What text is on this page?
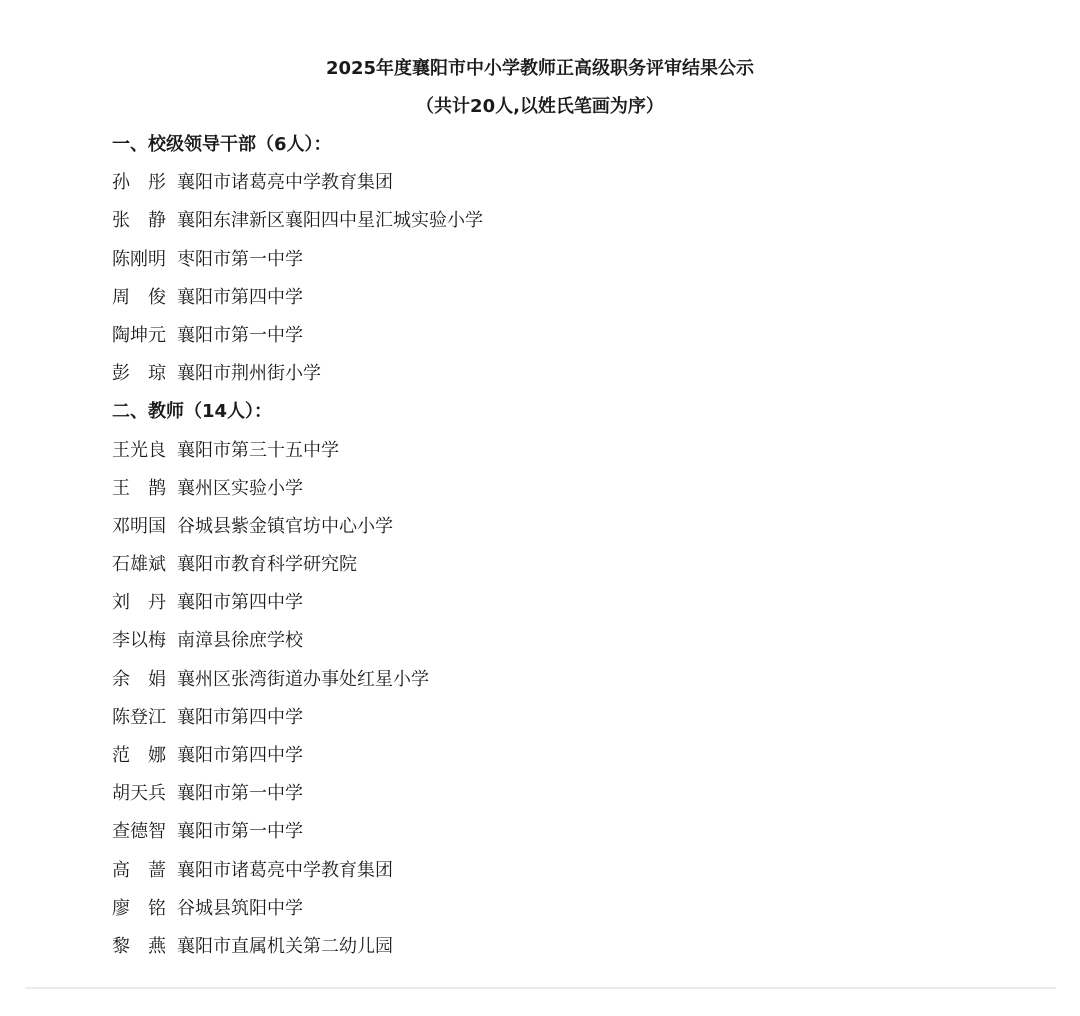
2025年度襄阳市中小学教师正高级职务评审结果公示
（共计20人,以姓氏笔画为序）
一、校级领导干部（6人）：
孙　彤 襄阳市诸葛亮中学教育集团
张　静 襄阳东津新区襄阳四中星汇城实验小学
陈刚明 枣阳市第一中学
周　俊 襄阳市第四中学
陶坤元 襄阳市第一中学
彭　琼 襄阳市荆州街小学
二、教师（14人）：
王光良 襄阳市第三十五中学
王　鹊 襄州区实验小学
邓明国 谷城县紫金镇官坊中心小学
石雄斌 襄阳市教育科学研究院
刘　丹 襄阳市第四中学
李以梅 南漳县徐庶学校
余　娟 襄州区张湾街道办事处红星小学
陈登江 襄阳市第四中学
范　娜 襄阳市第四中学
胡天兵 襄阳市第一中学
查德智 襄阳市第一中学
高　蔷 襄阳市诸葛亮中学教育集团
廖　铭 谷城县筑阳中学
黎　燕 襄阳市直属机关第二幼儿园
